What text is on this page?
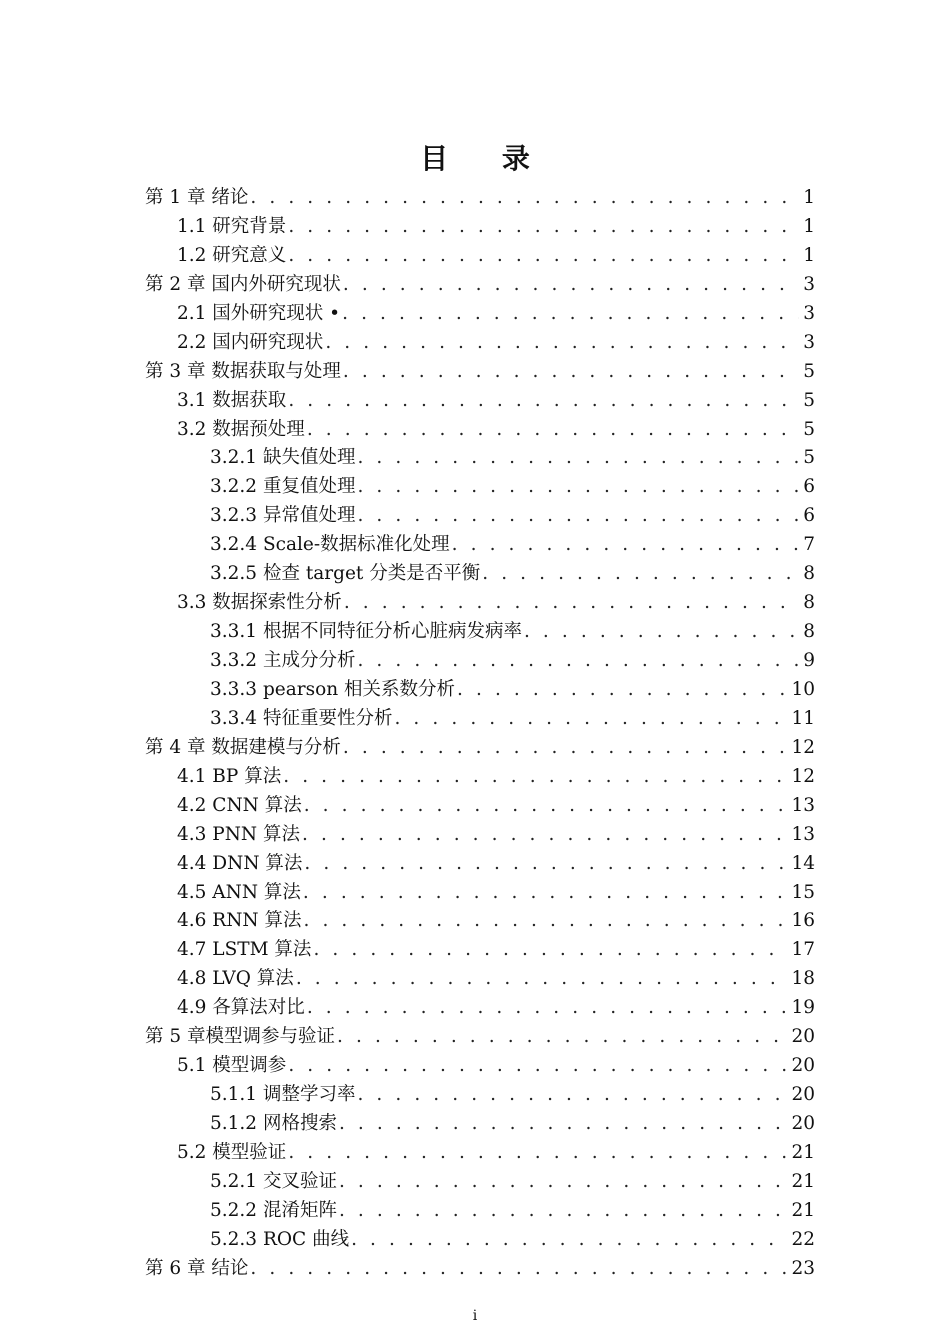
目 录
第 1 章 绪论 . . .	1
1.1 研究背景 . . .	1
1.2 研究意义 . . .	1
第 2 章 国内外研究现状 . . .	3
2.1 国外研究现状 • . . .	3
2.2 国内研究现状 . . .	3
第 3 章 数据获取与处理 . . .	5
3.1 数据获取 . . .	5
3.2 数据预处理 . . .	5
3.2.1 缺失值处理 . . .	5
3.2.2 重复值处理 . . .	6
3.2.3 异常值处理 . . .	6
3.2.4 Scale-数据标准化处理 . . .	7
3.2.5 检查 target 分类是否平衡 . . .	8
3.3 数据探索性分析 . . .	8
3.3.1 根据不同特征分析心脏病发病率 . . .	8
3.3.2 主成分分析 . . .	9
3.3.3 pearson 相关系数分析 . . .	10
3.3.4 特征重要性分析 . . .	11
第 4 章 数据建模与分析 . . .	12
4.1 BP 算法 . . .	12
4.2 CNN 算法 . . .	13
4.3 PNN 算法 . . .	13
4.4 DNN 算法 . . .	14
4.5 ANN 算法 . . .	15
4.6 RNN 算法 . . .	16
4.7 LSTM 算法 . . .	17
4.8 LVQ 算法 . . .	18
4.9 各算法对比 . . .	19
第 5 章模型调参与验证 . . .	20
5.1 模型调参 . . .	20
5.1.1 调整学习率 . . .	20
5.1.2 网格搜索 . . .	20
5.2 模型验证 . . .	21
5.2.1 交叉验证 . . .	21
5.2.2 混淆矩阵 . . .	21
5.2.3 ROC 曲线 . . .	22
第 6 章 结论 . . .	23
i
